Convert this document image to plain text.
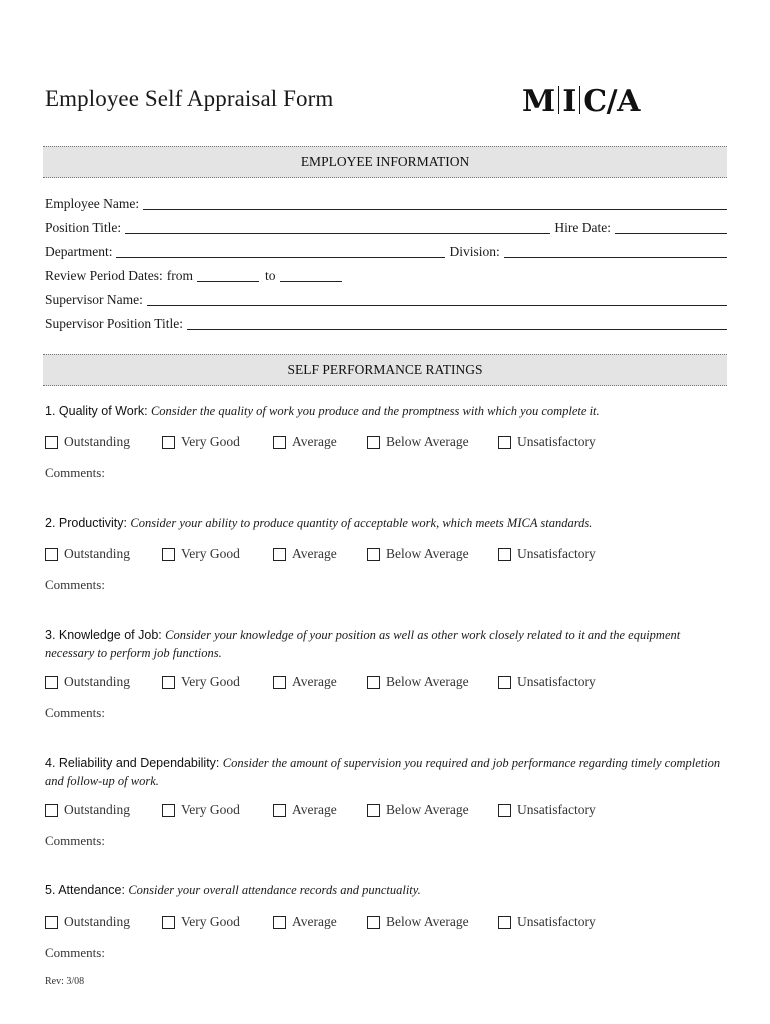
Employee Self Appraisal Form	M I C/A
EMPLOYEE INFORMATION
Employee Name:
Position Title:	Hire Date:
Department:	Division:
Review Period Dates: from	to
Supervisor Name:
Supervisor Position Title:
SELF PERFORMANCE RATINGS
1. Quality of Work: Consider the quality of work you produce and the promptness with which you complete it.
Outstanding	Very Good	Average	Below Average	Unsatisfactory
Comments:
2. Productivity: Consider your ability to produce quantity of acceptable work, which meets MICA standards.
Outstanding	Very Good	Average	Below Average	Unsatisfactory
Comments:
3. Knowledge of Job: Consider your knowledge of your position as well as other work closely related to it and the equipment necessary to perform job functions.
Outstanding	Very Good	Average	Below Average	Unsatisfactory
Comments:
4. Reliability and Dependability: Consider the amount of supervision you required and job performance regarding timely completion and follow-up of work.
Outstanding	Very Good	Average	Below Average	Unsatisfactory
Comments:
5. Attendance: Consider your overall attendance records and punctuality.
Outstanding	Very Good	Average	Below Average	Unsatisfactory
Comments:
Rev: 3/08
